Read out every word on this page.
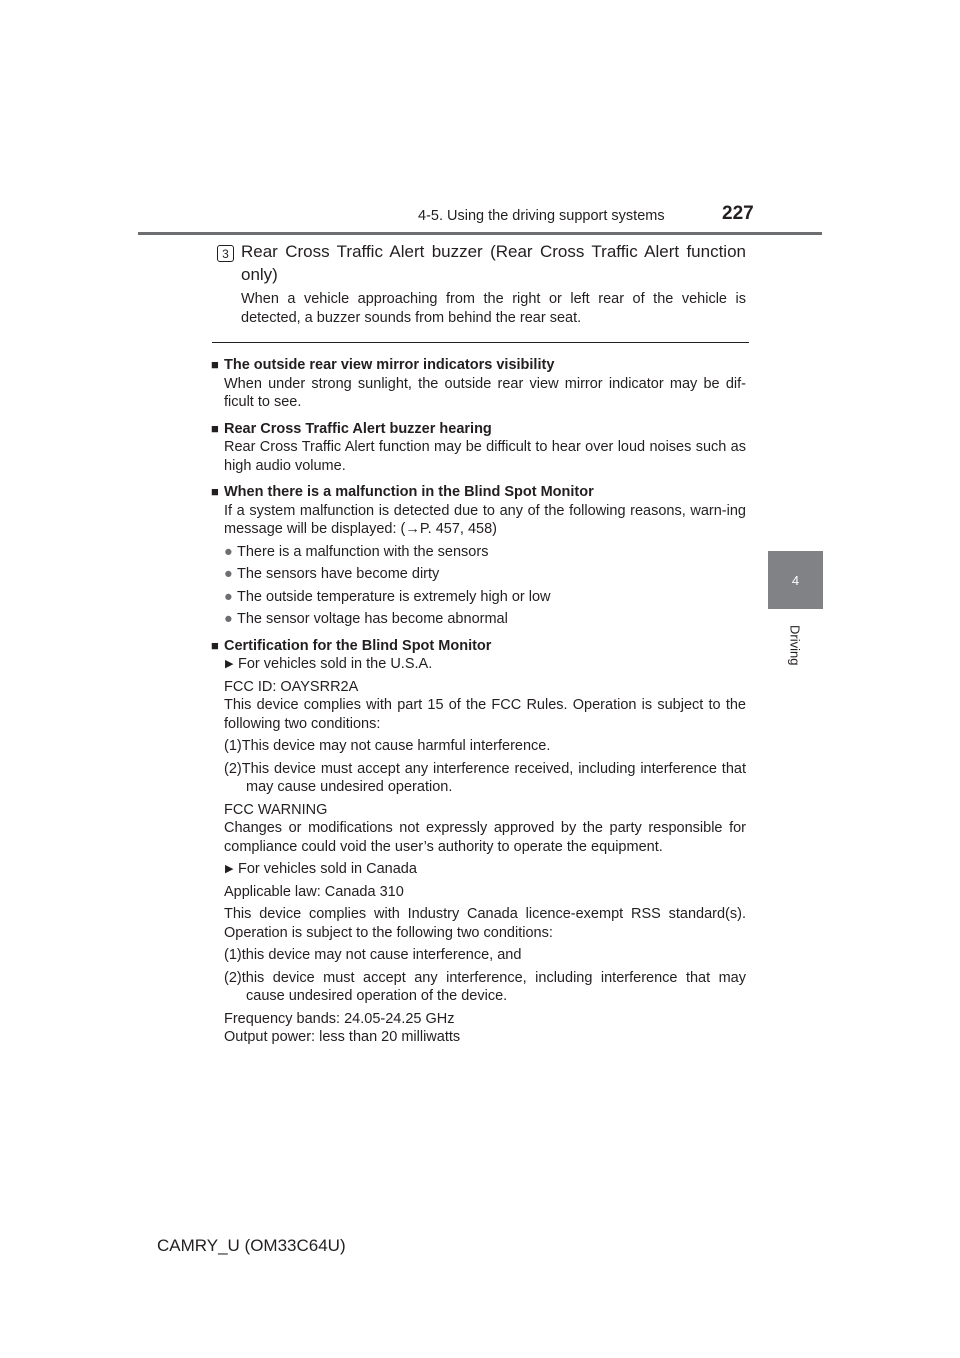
4-5. Using the driving support systems	227
4
Driving
3 Rear Cross Traffic Alert buzzer (Rear Cross Traffic Alert function only)
When a vehicle approaching from the right or left rear of the vehicle is detected, a buzzer sounds from behind the rear seat.
■ The outside rear view mirror indicators visibility
When under strong sunlight, the outside rear view mirror indicator may be dif-ficult to see.
■ Rear Cross Traffic Alert buzzer hearing
Rear Cross Traffic Alert function may be difficult to hear over loud noises such as high audio volume.
■ When there is a malfunction in the Blind Spot Monitor
If a system malfunction is detected due to any of the following reasons, warn-ing message will be displayed: (→P. 457, 458)
● There is a malfunction with the sensors
● The sensors have become dirty
● The outside temperature is extremely high or low
● The sensor voltage has become abnormal
■ Certification for the Blind Spot Monitor
▶ For vehicles sold in the U.S.A.
FCC ID: OAYSRR2A
This device complies with part 15 of the FCC Rules. Operation is subject to the following two conditions:
(1)This device may not cause harmful interference.
(2)This device must accept any interference received, including interference that may cause undesired operation.
FCC WARNING
Changes or modifications not expressly approved by the party responsible for compliance could void the user’s authority to operate the equipment.
▶ For vehicles sold in Canada
Applicable law: Canada 310
This device complies with Industry Canada licence-exempt RSS standard(s). Operation is subject to the following two conditions:
(1)this device may not cause interference, and
(2)this device must accept any interference, including interference that may cause undesired operation of the device.
Frequency bands: 24.05-24.25 GHz
Output power: less than 20 milliwatts
CAMRY_U (OM33C64U)
